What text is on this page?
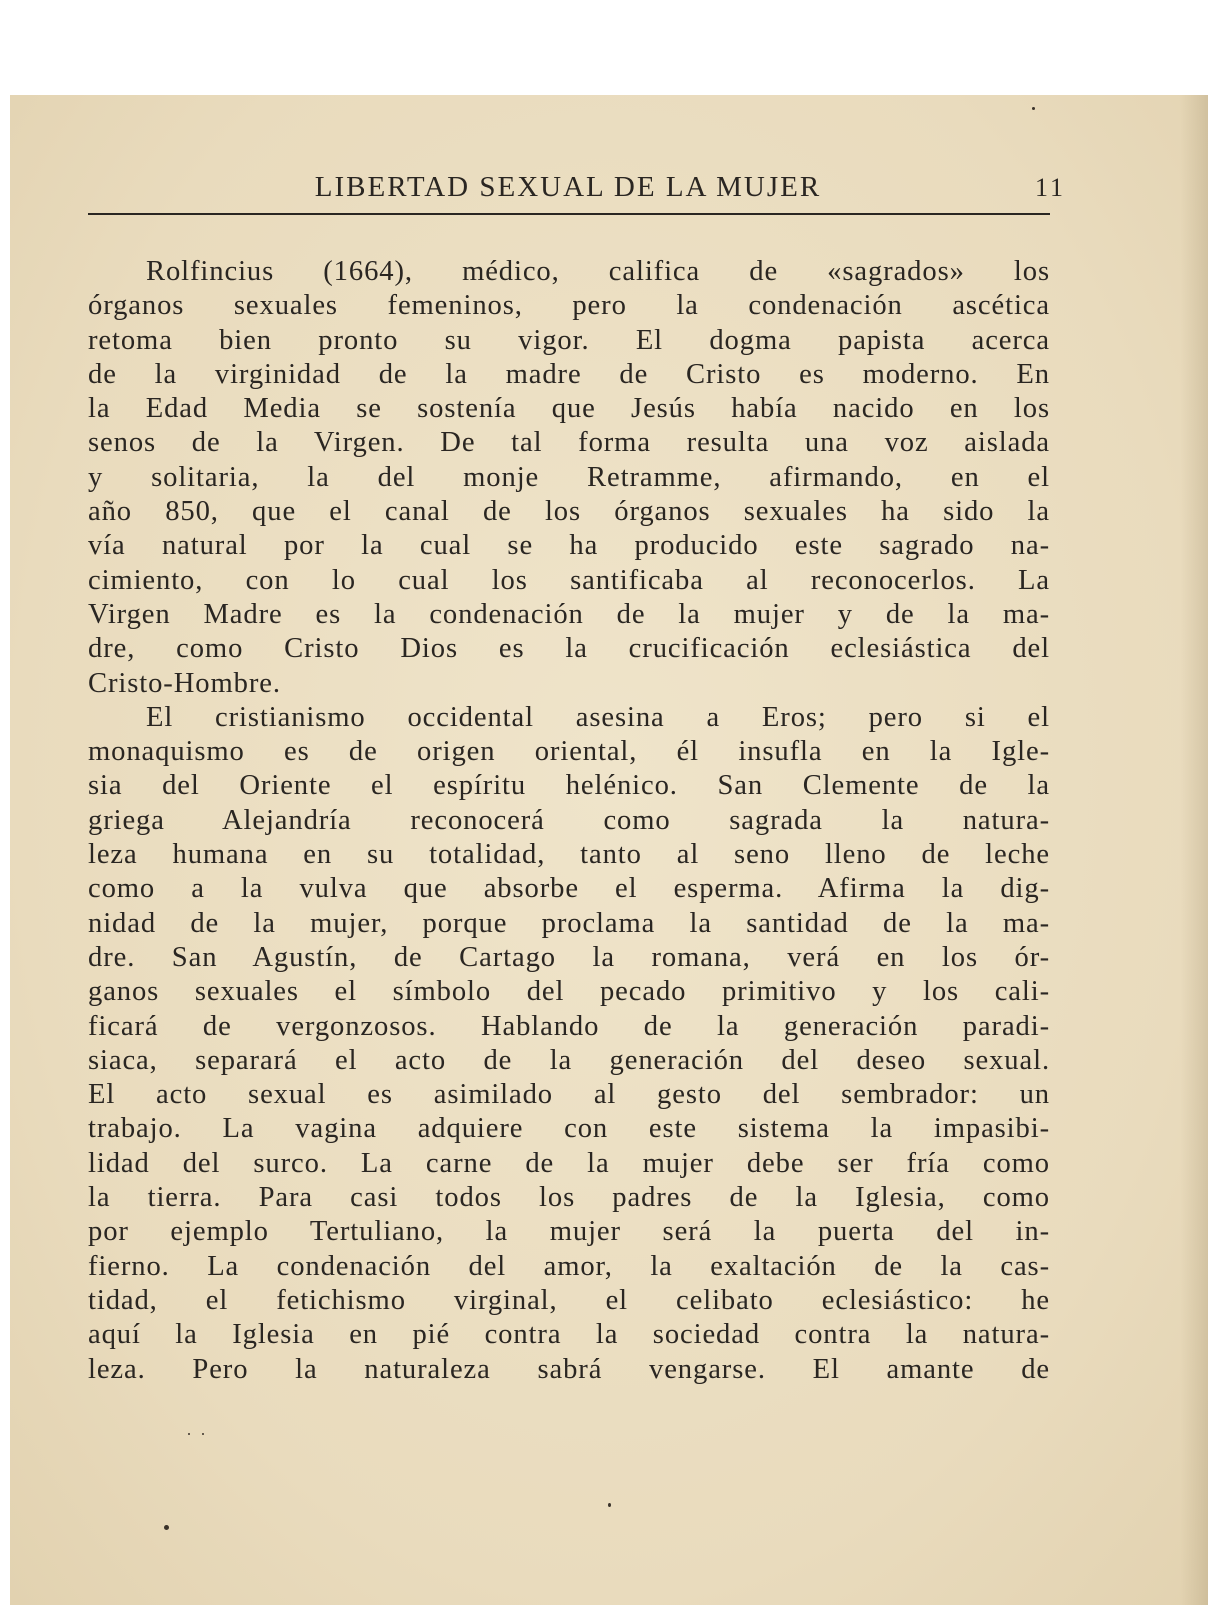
LIBERTAD SEXUAL DE LA MUJER	11
Rolfincius (1664), médico, califica de «sagrados» los
órganos sexuales femeninos, pero la condenación ascética
retoma bien pronto su vigor. El dogma papista acerca
de la virginidad de la madre de Cristo es moderno. En
la Edad Media se sostenía que Jesús había nacido en los
senos de la Virgen. De tal forma resulta una voz aislada
y solitaria, la del monje Retramme, afirmando, en el
año 850, que el canal de los órganos sexuales ha sido la
vía natural por la cual se ha producido este sagrado na-
cimiento, con lo cual los santificaba al reconocerlos. La
Virgen Madre es la condenación de la mujer y de la ma-
dre, como Cristo Dios es la crucificación eclesiástica del
Cristo-Hombre.
El cristianismo occidental asesina a Eros; pero si el
monaquismo es de origen oriental, él insufla en la Igle-
sia del Oriente el espíritu helénico. San Clemente de la
griega Alejandría reconocerá como sagrada la natura-
leza humana en su totalidad, tanto al seno lleno de leche
como a la vulva que absorbe el esperma. Afirma la dig-
nidad de la mujer, porque proclama la santidad de la ma-
dre. San Agustín, de Cartago la romana, verá en los ór-
ganos sexuales el símbolo del pecado primitivo y los cali-
ficará de vergonzosos. Hablando de la generación paradi-
siaca, separará el acto de la generación del deseo sexual.
El acto sexual es asimilado al gesto del sembrador: un
trabajo. La vagina adquiere con este sistema la impasibi-
lidad del surco. La carne de la mujer debe ser fría como
la tierra. Para casi todos los padres de la Iglesia, como
por ejemplo Tertuliano, la mujer será la puerta del in-
fierno. La condenación del amor, la exaltación de la cas-
tidad, el fetichismo virginal, el celibato eclesiástico: he
aquí la Iglesia en pié contra la sociedad contra la natura-
leza. Pero la naturaleza sabrá vengarse. El amante de
